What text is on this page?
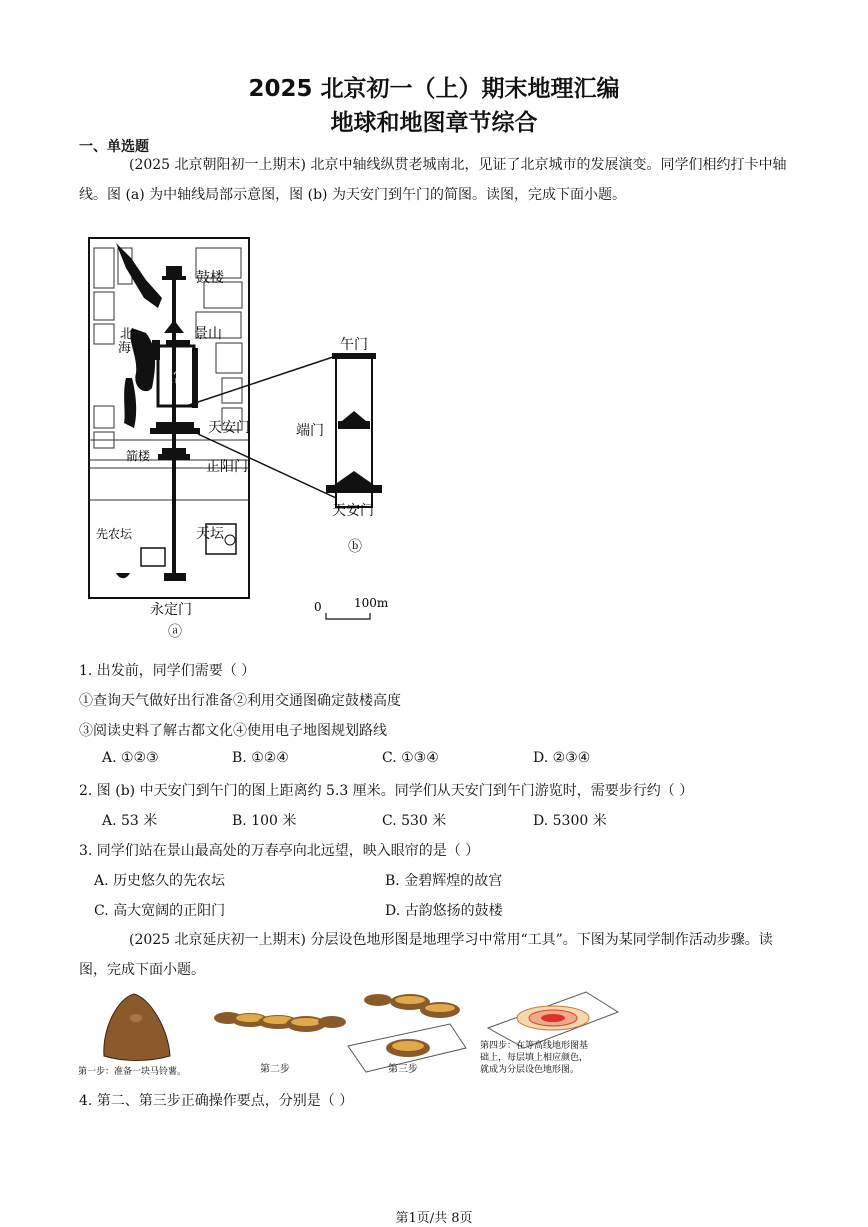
2025 北京初一（上）期末地理汇编
地球和地图章节综合
一、单选题
(2025 北京朝阳初一上期末) 北京中轴线纵贯老城南北，见证了北京城市的发展演变。同学们相约打卡中轴线。图 (a) 为中轴线局部示意图，图 (b) 为天安门到午门的简图。读图，完成下面小题。
鼓楼
北
海
景山
故宫
天安门
箭楼
正阳门
先农坛	天坛
永定门
ⓐ
午门
端门
天安门
ⓑ
0	100m
1. 出发前，同学们需要（ ）
①查询天气做好出行准备②利用交通图确定鼓楼高度
③阅读史料了解古都文化④使用电子地图规划路线
A. ①②③	B. ①②④	C. ①③④	D. ②③④
2. 图 (b) 中天安门到午门的图上距离约 5.3 厘米。同学们从天安门到午门游览时，需要步行约（ ）
A. 53 米	B. 100 米	C. 530 米	D. 5300 米
3. 同学们站在景山最高处的万春亭向北远望，映入眼帘的是（ ）
A. 历史悠久的先农坛	B. 金碧辉煌的故宫
C. 高大宽阔的正阳门	D. 古韵悠扬的鼓楼
(2025 北京延庆初一上期末) 分层设色地形图是地理学习中常用“工具”。下图为某同学制作活动步骤。读图，完成下面小题。
第一步：准备一块马铃薯。	第二步	第三步
第四步：在等高线地形图基
础上，每层填上相应颜色，
就成为分层设色地形图。
4. 第二、第三步正确操作要点，分别是（ ）
第1页/共 8页
